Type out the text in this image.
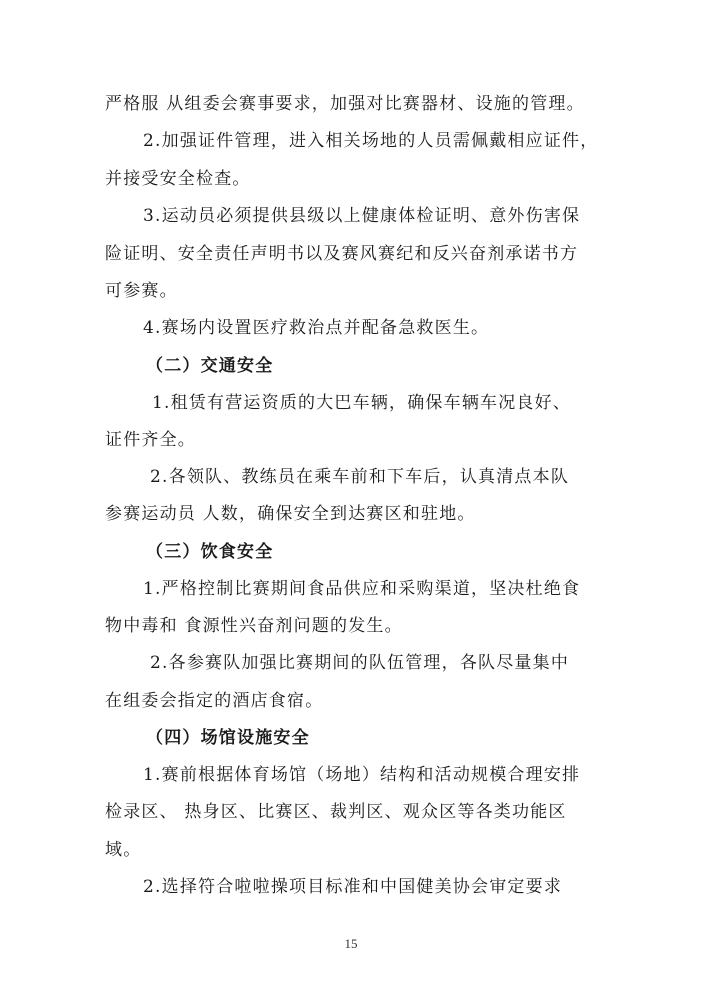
严格服 从组委会赛事要求，加强对比赛器材、设施的管理。
2.加强证件管理，进入相关场地的人员需佩戴相应证件，
并接受安全检查。
3.运动员必须提供县级以上健康体检证明、意外伤害保
险证明、安全责任声明书以及赛风赛纪和反兴奋剂承诺书方
可参赛。
4.赛场内设置医疗救治点并配备急救医生。
（二）交通安全
1.租赁有营运资质的大巴车辆，确保车辆车况良好、
证件齐全。
2.各领队、教练员在乘车前和下车后，认真清点本队
参赛运动员 人数，确保安全到达赛区和驻地。
（三）饮食安全
1.严格控制比赛期间食品供应和采购渠道，坚决杜绝食
物中毒和 食源性兴奋剂问题的发生。
2.各参赛队加强比赛期间的队伍管理，各队尽量集中
在组委会指定的酒店食宿。
（四）场馆设施安全
1.赛前根据体育场馆（场地）结构和活动规模合理安排
检录区、 热身区、比赛区、裁判区、观众区等各类功能区
域。
2.选择符合啦啦操项目标准和中国健美协会审定要求
15
